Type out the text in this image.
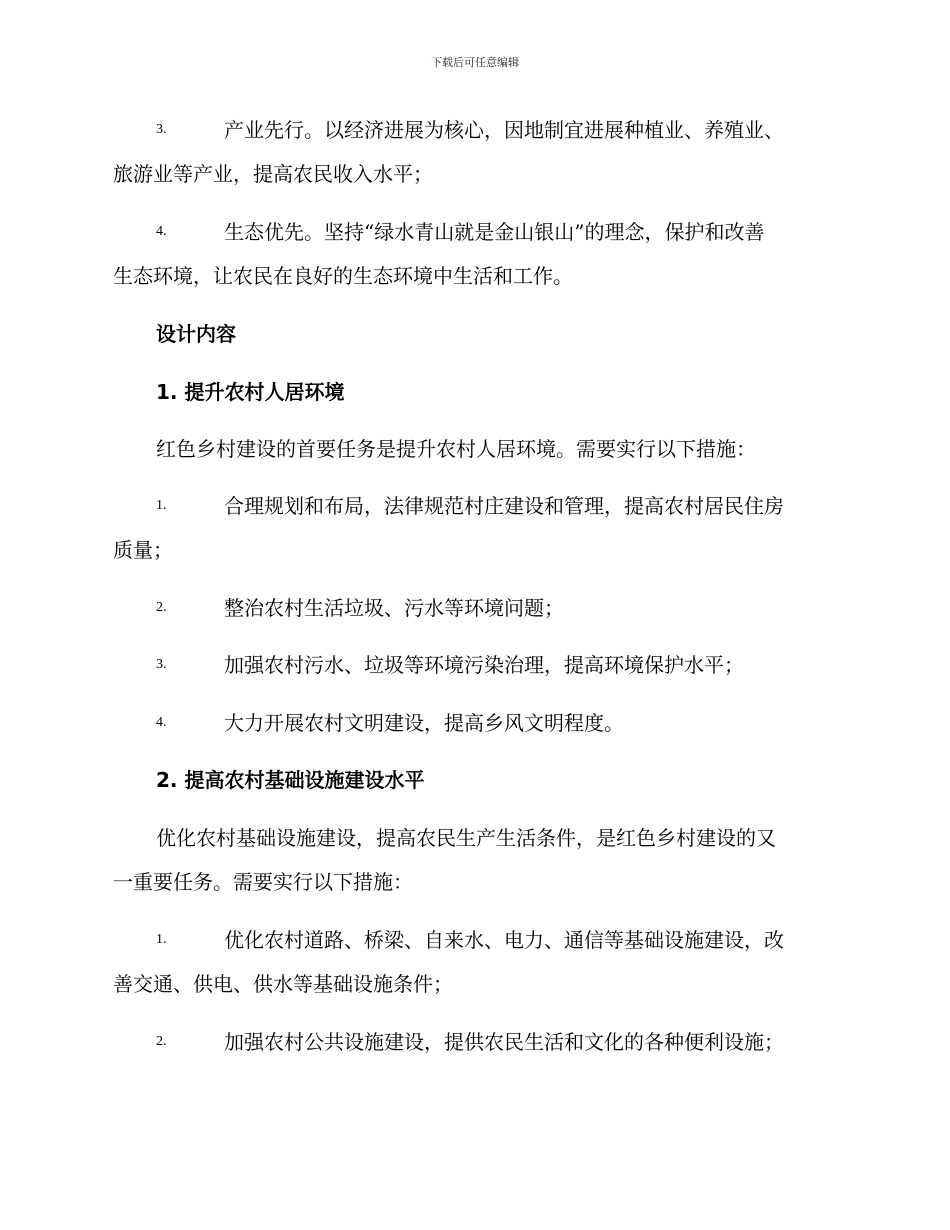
下载后可任意编辑
3.	产业先行。以经济进展为核心，因地制宜进展种植业、养殖业、
旅游业等产业，提高农民收入水平；
4.	生态优先。坚持“绿水青山就是金山银山”的理念，保护和改善
生态环境，让农民在良好的生态环境中生活和工作。
设计内容
1. 提升农村人居环境
红色乡村建设的首要任务是提升农村人居环境。需要实行以下措施：
1.	合理规划和布局，法律规范村庄建设和管理，提高农村居民住房
质量；
2.	整治农村生活垃圾、污水等环境问题；
3.	加强农村污水、垃圾等环境污染治理，提高环境保护水平；
4.	大力开展农村文明建设，提高乡风文明程度。
2. 提高农村基础设施建设水平
优化农村基础设施建设，提高农民生产生活条件，是红色乡村建设的又
一重要任务。需要实行以下措施：
1.	优化农村道路、桥梁、自来水、电力、通信等基础设施建设，改
善交通、供电、供水等基础设施条件；
2.	加强农村公共设施建设，提供农民生活和文化的各种便利设施；
